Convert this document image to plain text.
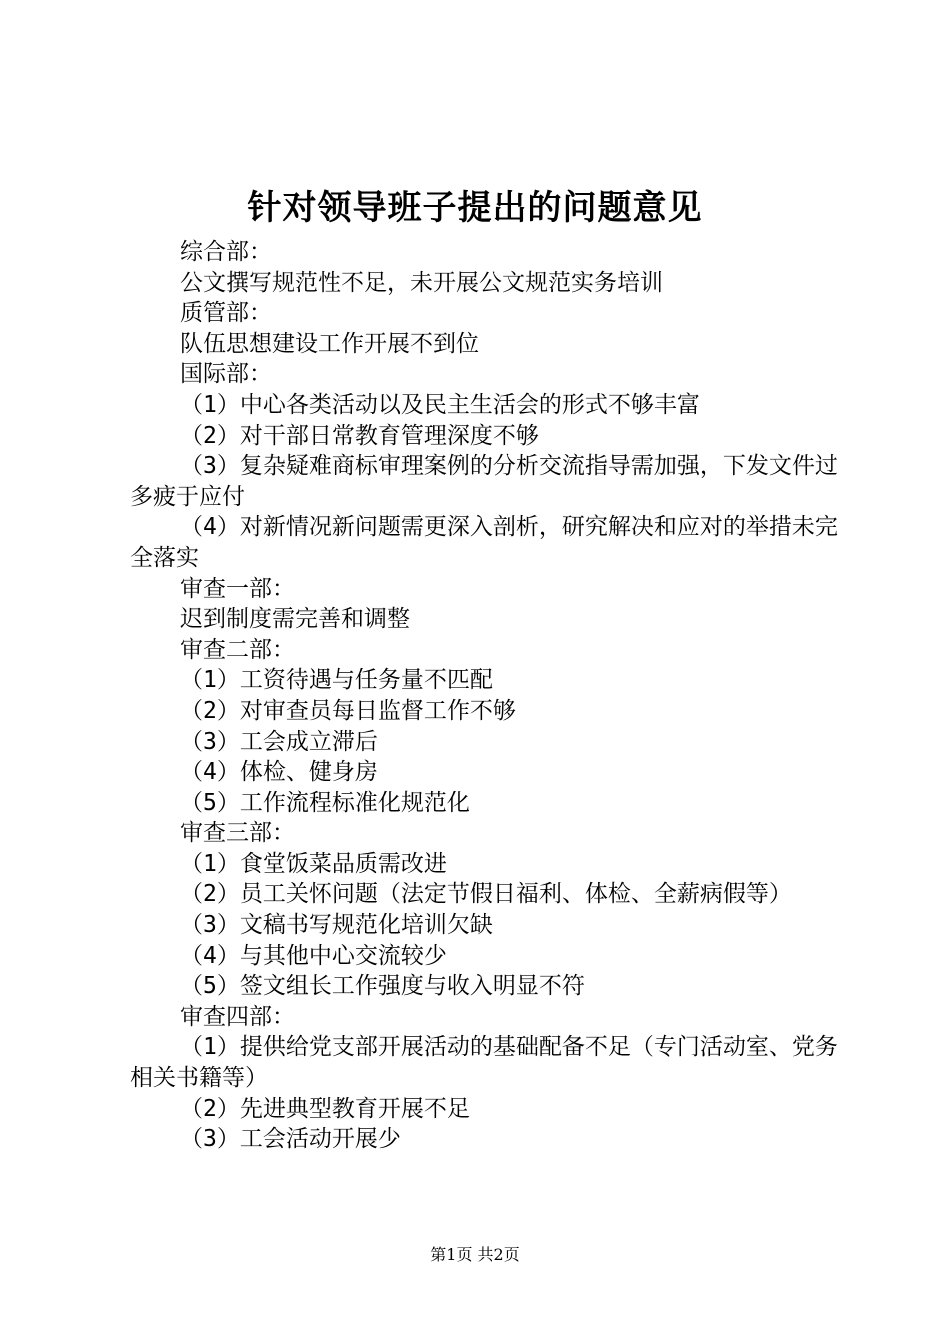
针对领导班子提出的问题意见
综合部：
公文撰写规范性不足，未开展公文规范实务培训
质管部：
队伍思想建设工作开展不到位
国际部：
（1）中心各类活动以及民主生活会的形式不够丰富
（2）对干部日常教育管理深度不够
（3）复杂疑难商标审理案例的分析交流指导需加强，下发文件过多疲于应付
（4）对新情况新问题需更深入剖析，研究解决和应对的举措未完全落实
审查一部：
迟到制度需完善和调整
审查二部：
（1）工资待遇与任务量不匹配
（2）对审查员每日监督工作不够
（3）工会成立滞后
（4）体检、健身房
（5）工作流程标准化规范化
审查三部：
（1）食堂饭菜品质需改进
（2）员工关怀问题（法定节假日福利、体检、全薪病假等）
（3）文稿书写规范化培训欠缺
（4）与其他中心交流较少
（5）签文组长工作强度与收入明显不符
审查四部：
（1）提供给党支部开展活动的基础配备不足（专门活动室、党务相关书籍等）
（2）先进典型教育开展不足
（3）工会活动开展少
第1页 共2页
